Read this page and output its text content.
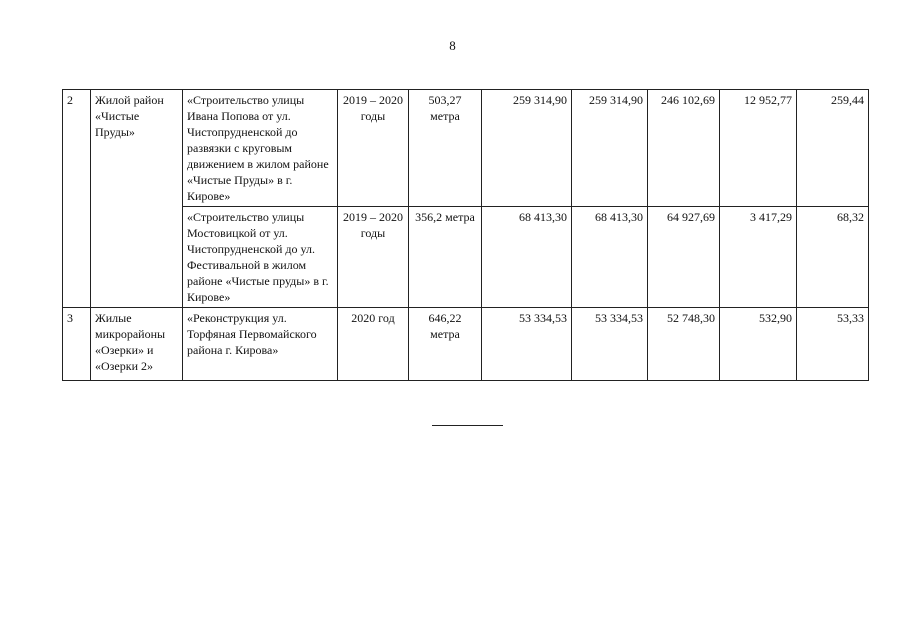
8
2	Жилой район «Чистые Пруды»	«Строительство улицы Ивана Попова от ул. Чистопрудненской до развязки с круговым движением в жилом районе «Чистые Пруды» в г. Кирове»	2019 – 2020 годы	503,27 метра	259 314,90	259 314,90	246 102,69	12 952,77	259,44
		«Строительство улицы Мостовицкой от ул. Чистопрудненской до ул. Фестивальной в жилом районе «Чистые пруды» в г. Кирове»	2019 – 2020 годы	356,2 метра	68 413,30	68 413,30	64 927,69	3 417,29	68,32
3	Жилые микрорайоны «Озерки» и «Озерки 2»	«Реконструкция ул. Торфяная Первомайского района г. Кирова»	2020 год	646,22 метра	53 334,53	53 334,53	52 748,30	532,90	53,33
